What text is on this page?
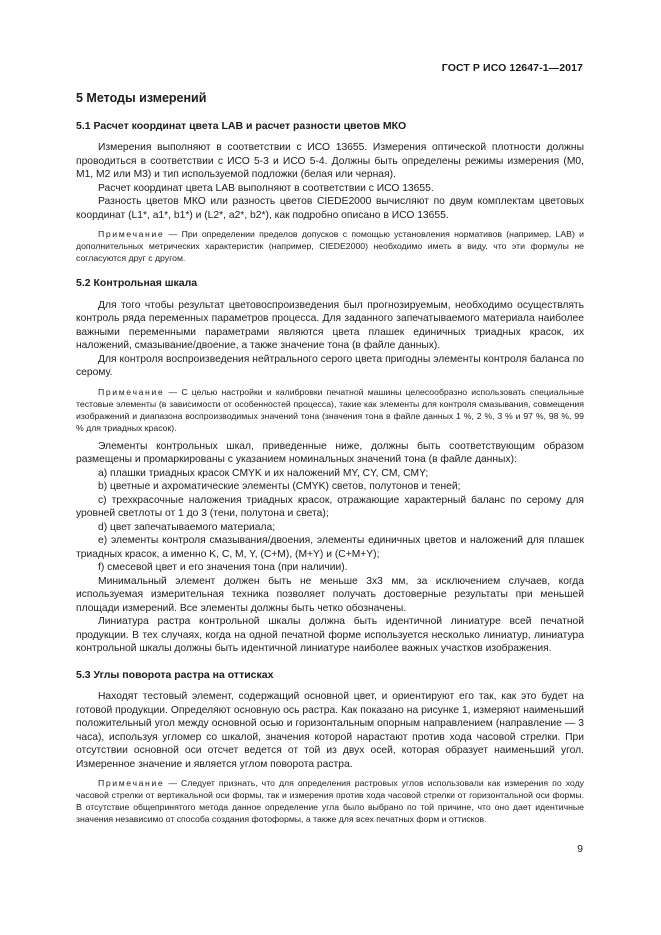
ГОСТ Р ИСО 12647-1—2017
5 Методы измерений
5.1 Расчет координат цвета LAB и расчет разности цветов МКО
Измерения выполняют в соответствии с ИСО 13655. Измерения оптической плотности должны проводиться в соответствии с ИСО 5-3 и ИСО 5-4. Должны быть определены режимы измерения (M0, M1, M2 или M3) и тип используемой подложки (белая или черная).
Расчет координат цвета LAB выполняют в соответствии с ИСО 13655.
Разность цветов МКО или разность цветов CIEDE2000 вычисляют по двум комплектам цветовых координат (L1*, a1*, b1*) и (L2*, a2*, b2*), как подробно описано в ИСО 13655.
Примечание — При определении пределов допусков с помощью установления нормативов (например, LAB) и дополнительных метрических характеристик (например, CIEDE2000) необходимо иметь в виду, что эти формулы не согласуются друг с другом.
5.2 Контрольная шкала
Для того чтобы результат цветовоспроизведения был прогнозируемым, необходимо осуществлять контроль ряда переменных параметров процесса. Для заданного запечатываемого материала наиболее важными переменными параметрами являются цвета плашек единичных триадных красок, их наложений, смазывание/двоение, а также значение тона (в файле данных).
Для контроля воспроизведения нейтрального серого цвета пригодны элементы контроля баланса по серому.
Примечание — С целью настройки и калибровки печатной машины целесообразно использовать специальные тестовые элементы (в зависимости от особенностей процесса), такие как элементы для контроля смазывания, совмещения изображений и диапазона воспроизводимых значений тона (значения тона в файле данных 1 %, 2 %, 3 % и 97 %, 98 %, 99 % для триадных красок).
Элементы контрольных шкал, приведенные ниже, должны быть соответствующим образом размещены и промаркированы с указанием номинальных значений тона (в файле данных):
a) плашки триадных красок CMYK и их наложений MY, CY, CM, CMY;
b) цветные и ахроматические элементы (CMYK) светов, полутонов и теней;
c) трехкрасочные наложения триадных красок, отражающие характерный баланс по серому для уровней светлоты от 1 до 3 (тени, полутона и света);
d) цвет запечатываемого материала;
e) элементы контроля смазывания/двоения, элементы единичных цветов и наложений для плашек триадных красок, а именно K, C, M, Y, (C+M), (M+Y) и (C+M+Y);
f) смесевой цвет и его значения тона (при наличии).
Минимальный элемент должен быть не меньше 3x3 мм, за исключением случаев, когда используемая измерительная техника позволяет получать достоверные результаты при меньшей площади измерений. Все элементы должны быть четко обозначены.
Линиатура растра контрольной шкалы должна быть идентичной линиатуре всей печатной продукции. В тех случаях, когда на одной печатной форме используется несколько линиатур, линиатура контрольной шкалы должны быть идентичной линиатуре наиболее важных участков изображения.
5.3 Углы поворота растра на оттисках
Находят тестовый элемент, содержащий основной цвет, и ориентируют его так, как это будет на готовой продукции. Определяют основную ось растра. Как показано на рисунке 1, измеряют наименьший положительный угол между основной осью и горизонтальным опорным направлением (направление — 3 часа), используя угломер со шкалой, значения которой нарастают против хода часовой стрелки. При отсутствии основной оси отсчет ведется от той из двух осей, которая образует наименьший угол. Измеренное значение и является углом поворота растра.
Примечание — Следует признать, что для определения растровых углов использовали как измерения по ходу часовой стрелки от вертикальной оси формы, так и измерения против хода часовой стрелки от горизонтальной оси формы. В отсутствие общепринятого метода данное определение угла было выбрано по той причине, что оно дает идентичные значения независимо от способа создания фотоформы, а также для всех печатных форм и оттисков.
9
